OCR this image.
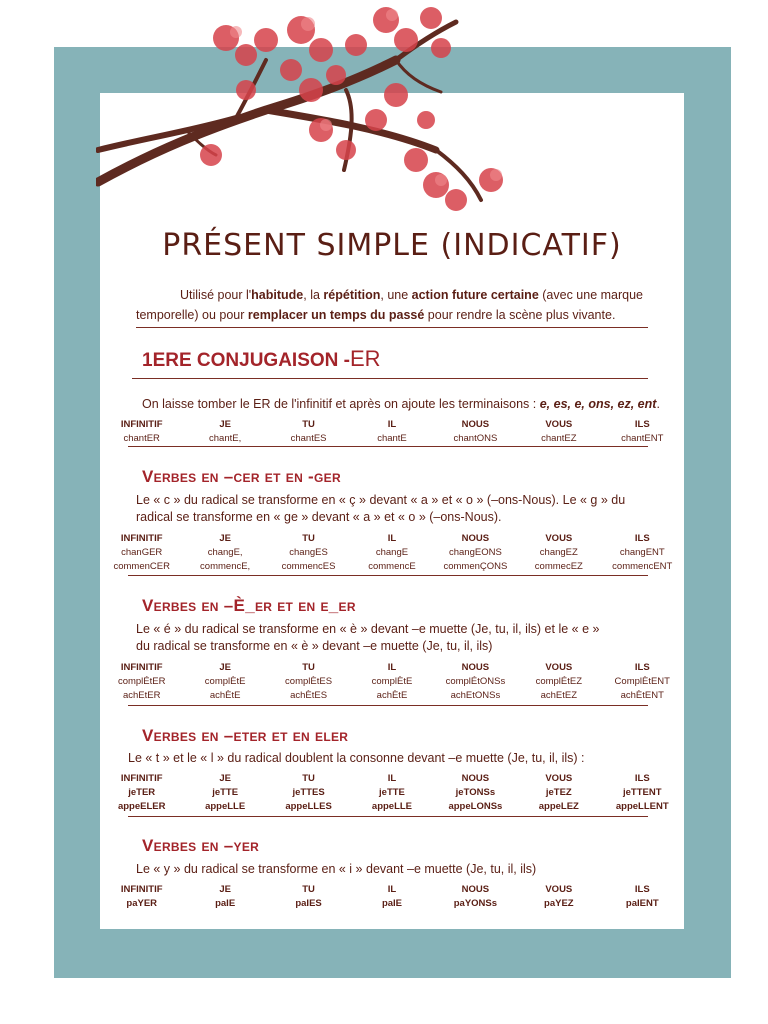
PRÉSENT SIMPLE (INDICATIF)
Utilisé pour l'habitude, la répétition, une action future certaine (avec une marque temporelle) ou pour remplacer un temps du passé pour rendre la scène plus vivante.
1ERE CONJUGAISON -ER
On laisse tomber le ER de l'infinitif et après on ajoute les terminaisons : e, es, e, ons, ez, ent.
INFINITIF	JE	TU	IL	NOUS	VOUS	ILS
chantER	chantE,	chantES	chantE	chantONS	chantEZ	chantENT
Verbes en –cer et en -ger
Le « c » du radical se transforme en « ç » devant « a » et « o » (–ons-Nous). Le « g » du
radical se transforme en « ge » devant « a » et « o » (–ons-Nous).
INFINITIF	JE	TU	IL	NOUS	VOUS	ILS
chanGER	changE,	changES	changE	changEONS	changEZ	changENT
commenCER	commencE,	commencES	commencE	commenÇONS	commecEZ	commencENT
Verbes en –È_er et en e_er
Le « é » du radical se transforme en « è » devant –e muette (Je, tu, il, ils) et le « e »
du radical se transforme en « è » devant –e muette (Je, tu, il, ils)
INFINITIF	JE	TU	IL	NOUS	VOUS	ILS
complÉtER	complÈtE	complÈtES	complÈtE	complÉtONSs	complÉtEZ	ComplÈtENT
achEtER	achÈtE	achÈtES	achÈtE	achEtONSs	achEtEZ	achÈtENT
Verbes en –eter et en eler
Le « t » et le « l » du radical doublent la consonne devant –e muette (Je, tu, il, ils) :
INFINITIF	JE	TU	IL	NOUS	VOUS	ILS
jeTER	jeTTE	jeTTES	jeTTE	jeTONSs	jeTEZ	jeTTENT
appeELER	appeLLE	appeLLES	appeLLE	appeLONSs	appeLEZ	appeLLENT
Verbes en –yer
Le « y » du radical se transforme en « i » devant –e muette (Je, tu, il, ils)
INFINITIF	JE	TU	IL	NOUS	VOUS	ILS
paYER	paIE	paIES	paIE	paYONSs	paYEZ	paIENT
